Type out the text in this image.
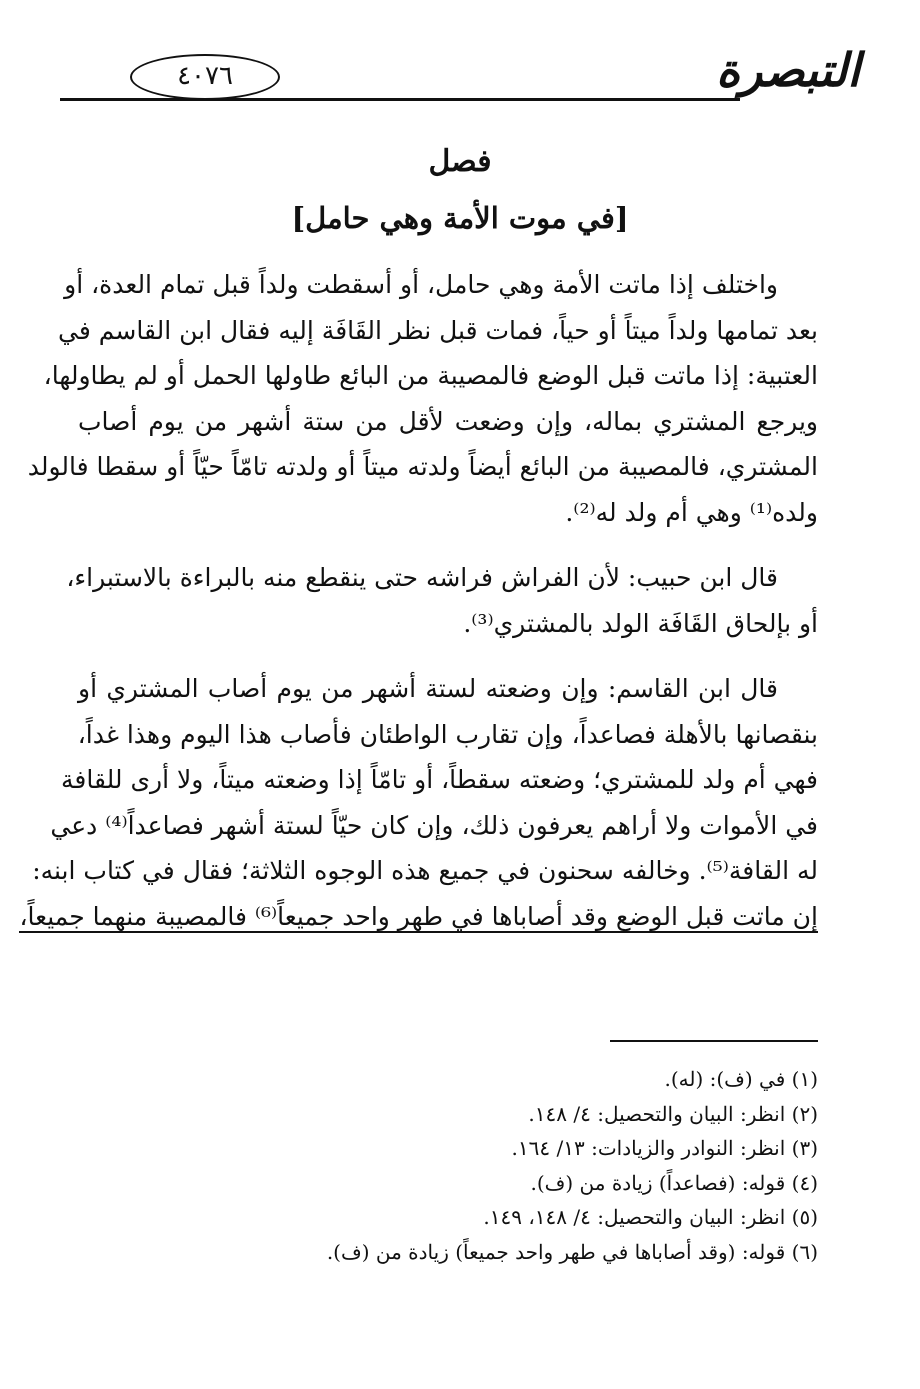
التبصرة
٤٠٧٦
فصل
[في موت الأمة وهي حامل]
واختلف إذا ماتت الأمة وهي حامل، أو أسقطت ولداً قبل تمام العدة، أو
بعد تمامها ولداً ميتاً أو حياً، فمات قبل نظر القَافَة إليه فقال ابن القاسم في
العتبية: إذا ماتت قبل الوضع فالمصيبة من البائع طاولها الحمل أو لم يطاولها،
ويرجع المشتري بماله، وإن وضعت لأقل من ستة أشهر من يوم أصاب
المشتري، فالمصيبة من البائع أيضاً ولدته ميتاً أو ولدته تامّاً حيّاً أو سقطا فالولد
ولده⁽¹⁾ وهي أم ولد له⁽²⁾.
قال ابن حبيب: لأن الفراش فراشه حتى ينقطع منه بالبراءة بالاستبراء،
أو بإلحاق القَافَة الولد بالمشتري⁽³⁾.
قال ابن القاسم: وإن وضعته لستة أشهر من يوم أصاب المشتري أو
بنقصانها بالأهلة فصاعداً، وإن تقارب الواطئان فأصاب هذا اليوم وهذا غداً،
فهي أم ولد للمشتري؛ وضعته سقطاً، أو تامّاً إذا وضعته ميتاً، ولا أرى للقافة
في الأموات ولا أراهم يعرفون ذلك، وإن كان حيّاً لستة أشهر فصاعداً⁽⁴⁾ دعي
له القافة⁽⁵⁾. وخالفه سحنون في جميع هذه الوجوه الثلاثة؛ فقال في كتاب ابنه:
إن ماتت قبل الوضع وقد أصاباها في طهر واحد جميعاً⁽⁶⁾ فالمصيبة منهما جميعاً،
(١) في (ف): (له).
(٢) انظر: البيان والتحصيل: ٤/ ١٤٨.
(٣) انظر: النوادر والزيادات: ١٣/ ١٦٤.
(٤) قوله: (فصاعداً) زيادة من (ف).
(٥) انظر: البيان والتحصيل: ٤/ ١٤٨، ١٤٩.
(٦) قوله: (وقد أصاباها في طهر واحد جميعاً) زيادة من (ف).
